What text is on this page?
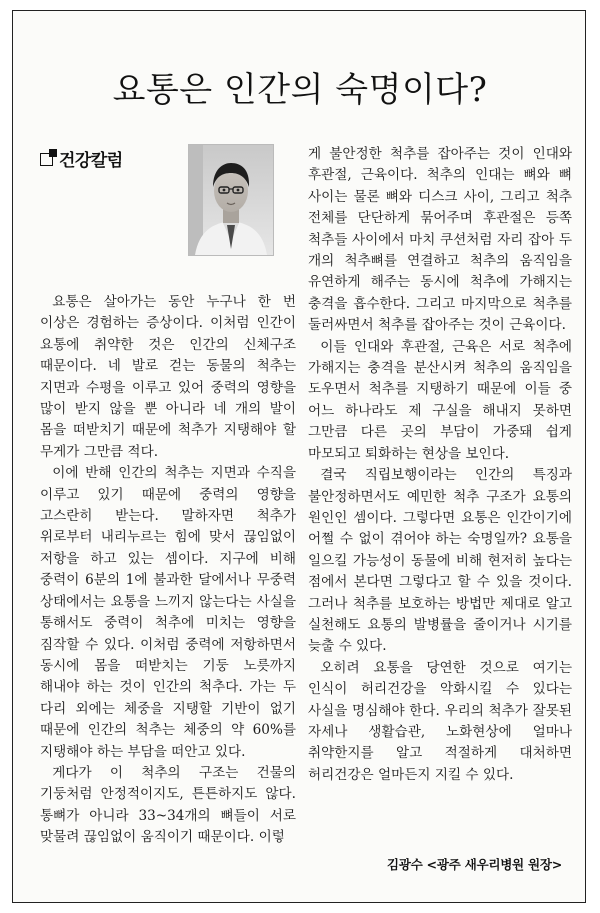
요통은 인간의 숙명이다?
건강칼럼

요통은 살아가는 동안 누구나 한 번 이상은 경험하는 증상이다. 이처럼 인간이 요통에 취약한 것은 인간의 신체구조 때문이다. 네 발로 걷는 동물의 척추는 지면과 수평을 이루고 있어 중력의 영향을 많이 받지 않을 뿐 아니라 네 개의 발이 몸을 떠받치기 때문에 척추가 지탱해야 할 무게가 그만큼 적다.

이에 반해 인간의 척추는 지면과 수직을 이루고 있기 때문에 중력의 영향을 고스란히 받는다. 말하자면 척추가 위로부터 내리누르는 힘에 맞서 끊임없이 저항을 하고 있는 셈이다. 지구에 비해 중력이 6분의 1에 불과한 달에서나 무중력 상태에서는 요통을 느끼지 않는다는 사실을 통해서도 중력이 척추에 미치는 영향을 짐작할 수 있다. 이처럼 중력에 저항하면서 동시에 몸을 떠받치는 기둥 노릇까지 해내야 하는 것이 인간의 척추다. 가는 두 다리 외에는 체중을 지탱할 기반이 없기 때문에 인간의 척추는 체중의 약 60%를 지탱해야 하는 부담을 떠안고 있다.

게다가 이 척추의 구조는 건물의 기둥처럼 안정적이지도, 튼튼하지도 않다. 통뼈가 아니라 33~34개의 뼈들이 서로 맞물려 끊임없이 움직이기 때문이다. 이렇

게 불안정한 척추를 잡아주는 것이 인대와 후관절, 근육이다. 척추의 인대는 뼈와 뼈 사이는 물론 뼈와 디스크 사이, 그리고 척추 전체를 단단하게 묶어주며 후관절은 등쪽 척추들 사이에서 마치 쿠션처럼 자리 잡아 두 개의 척추뼈를 연결하고 척추의 움직임을 유연하게 해주는 동시에 척추에 가해지는 충격을 흡수한다. 그리고 마지막으로 척추를 둘러싸면서 척추를 잡아주는 것이 근육이다.

이들 인대와 후관절, 근육은 서로 척추에 가해지는 충격을 분산시켜 척추의 움직임을 도우면서 척추를 지탱하기 때문에 이들 중 어느 하나라도 제 구실을 해내지 못하면 그만큼 다른 곳의 부담이 가중돼 쉽게 마모되고 퇴화하는 현상을 보인다.

결국 직립보행이라는 인간의 특징과 불안정하면서도 예민한 척추 구조가 요통의 원인인 셈이다. 그렇다면 요통은 인간이기에 어쩔 수 없이 겪어야 하는 숙명일까? 요통을 일으킬 가능성이 동물에 비해 현저히 높다는 점에서 본다면 그렇다고 할 수 있을 것이다. 그러나 척추를 보호하는 방법만 제대로 알고 실천해도 요통의 발병률을 줄이거나 시기를 늦출 수 있다.

오히려 요통을 당연한 것으로 여기는 인식이 허리건강을 악화시킬 수 있다는 사실을 명심해야 한다. 우리의 척추가 잘못된 자세나 생활습관, 노화현상에 얼마나 취약한지를 알고 적절하게 대처하면 허리건강은 얼마든지 지킬 수 있다.

김광수 <광주 새우리병원 원장>
